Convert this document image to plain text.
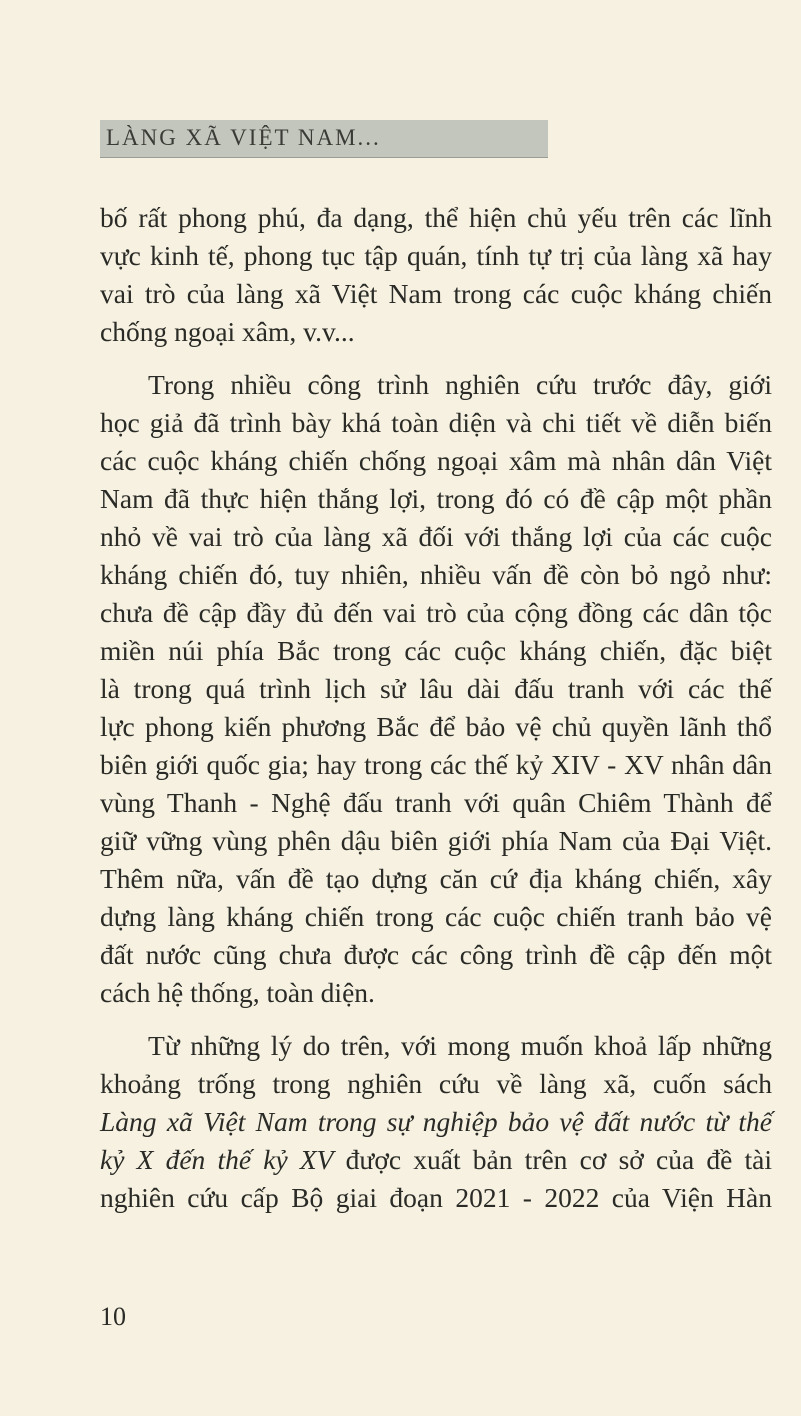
LÀNG XÃ VIỆT NAM...
bố rất phong phú, đa dạng, thể hiện chủ yếu trên các lĩnh
vực kinh tế, phong tục tập quán, tính tự trị của làng xã hay
vai trò của làng xã Việt Nam trong các cuộc kháng chiến
chống ngoại xâm, v.v...
Trong nhiều công trình nghiên cứu trước đây, giới
học giả đã trình bày khá toàn diện và chi tiết về diễn biến
các cuộc kháng chiến chống ngoại xâm mà nhân dân Việt
Nam đã thực hiện thắng lợi, trong đó có đề cập một phần
nhỏ về vai trò của làng xã đối với thắng lợi của các cuộc
kháng chiến đó, tuy nhiên, nhiều vấn đề còn bỏ ngỏ như:
chưa đề cập đầy đủ đến vai trò của cộng đồng các dân tộc
miền núi phía Bắc trong các cuộc kháng chiến, đặc biệt
là trong quá trình lịch sử lâu dài đấu tranh với các thế
lực phong kiến phương Bắc để bảo vệ chủ quyền lãnh thổ
biên giới quốc gia; hay trong các thế kỷ XIV - XV nhân dân
vùng Thanh - Nghệ đấu tranh với quân Chiêm Thành để
giữ vững vùng phên dậu biên giới phía Nam của Đại Việt.
Thêm nữa, vấn đề tạo dựng căn cứ địa kháng chiến, xây
dựng làng kháng chiến trong các cuộc chiến tranh bảo vệ
đất nước cũng chưa được các công trình đề cập đến một
cách hệ thống, toàn diện.
Từ những lý do trên, với mong muốn khoả lấp những
khoảng trống trong nghiên cứu về làng xã, cuốn sách
Làng xã Việt Nam trong sự nghiệp bảo vệ đất nước từ thế
kỷ X đến thế kỷ XV được xuất bản trên cơ sở của đề tài
nghiên cứu cấp Bộ giai đoạn 2021 - 2022 của Viện Hàn
10
